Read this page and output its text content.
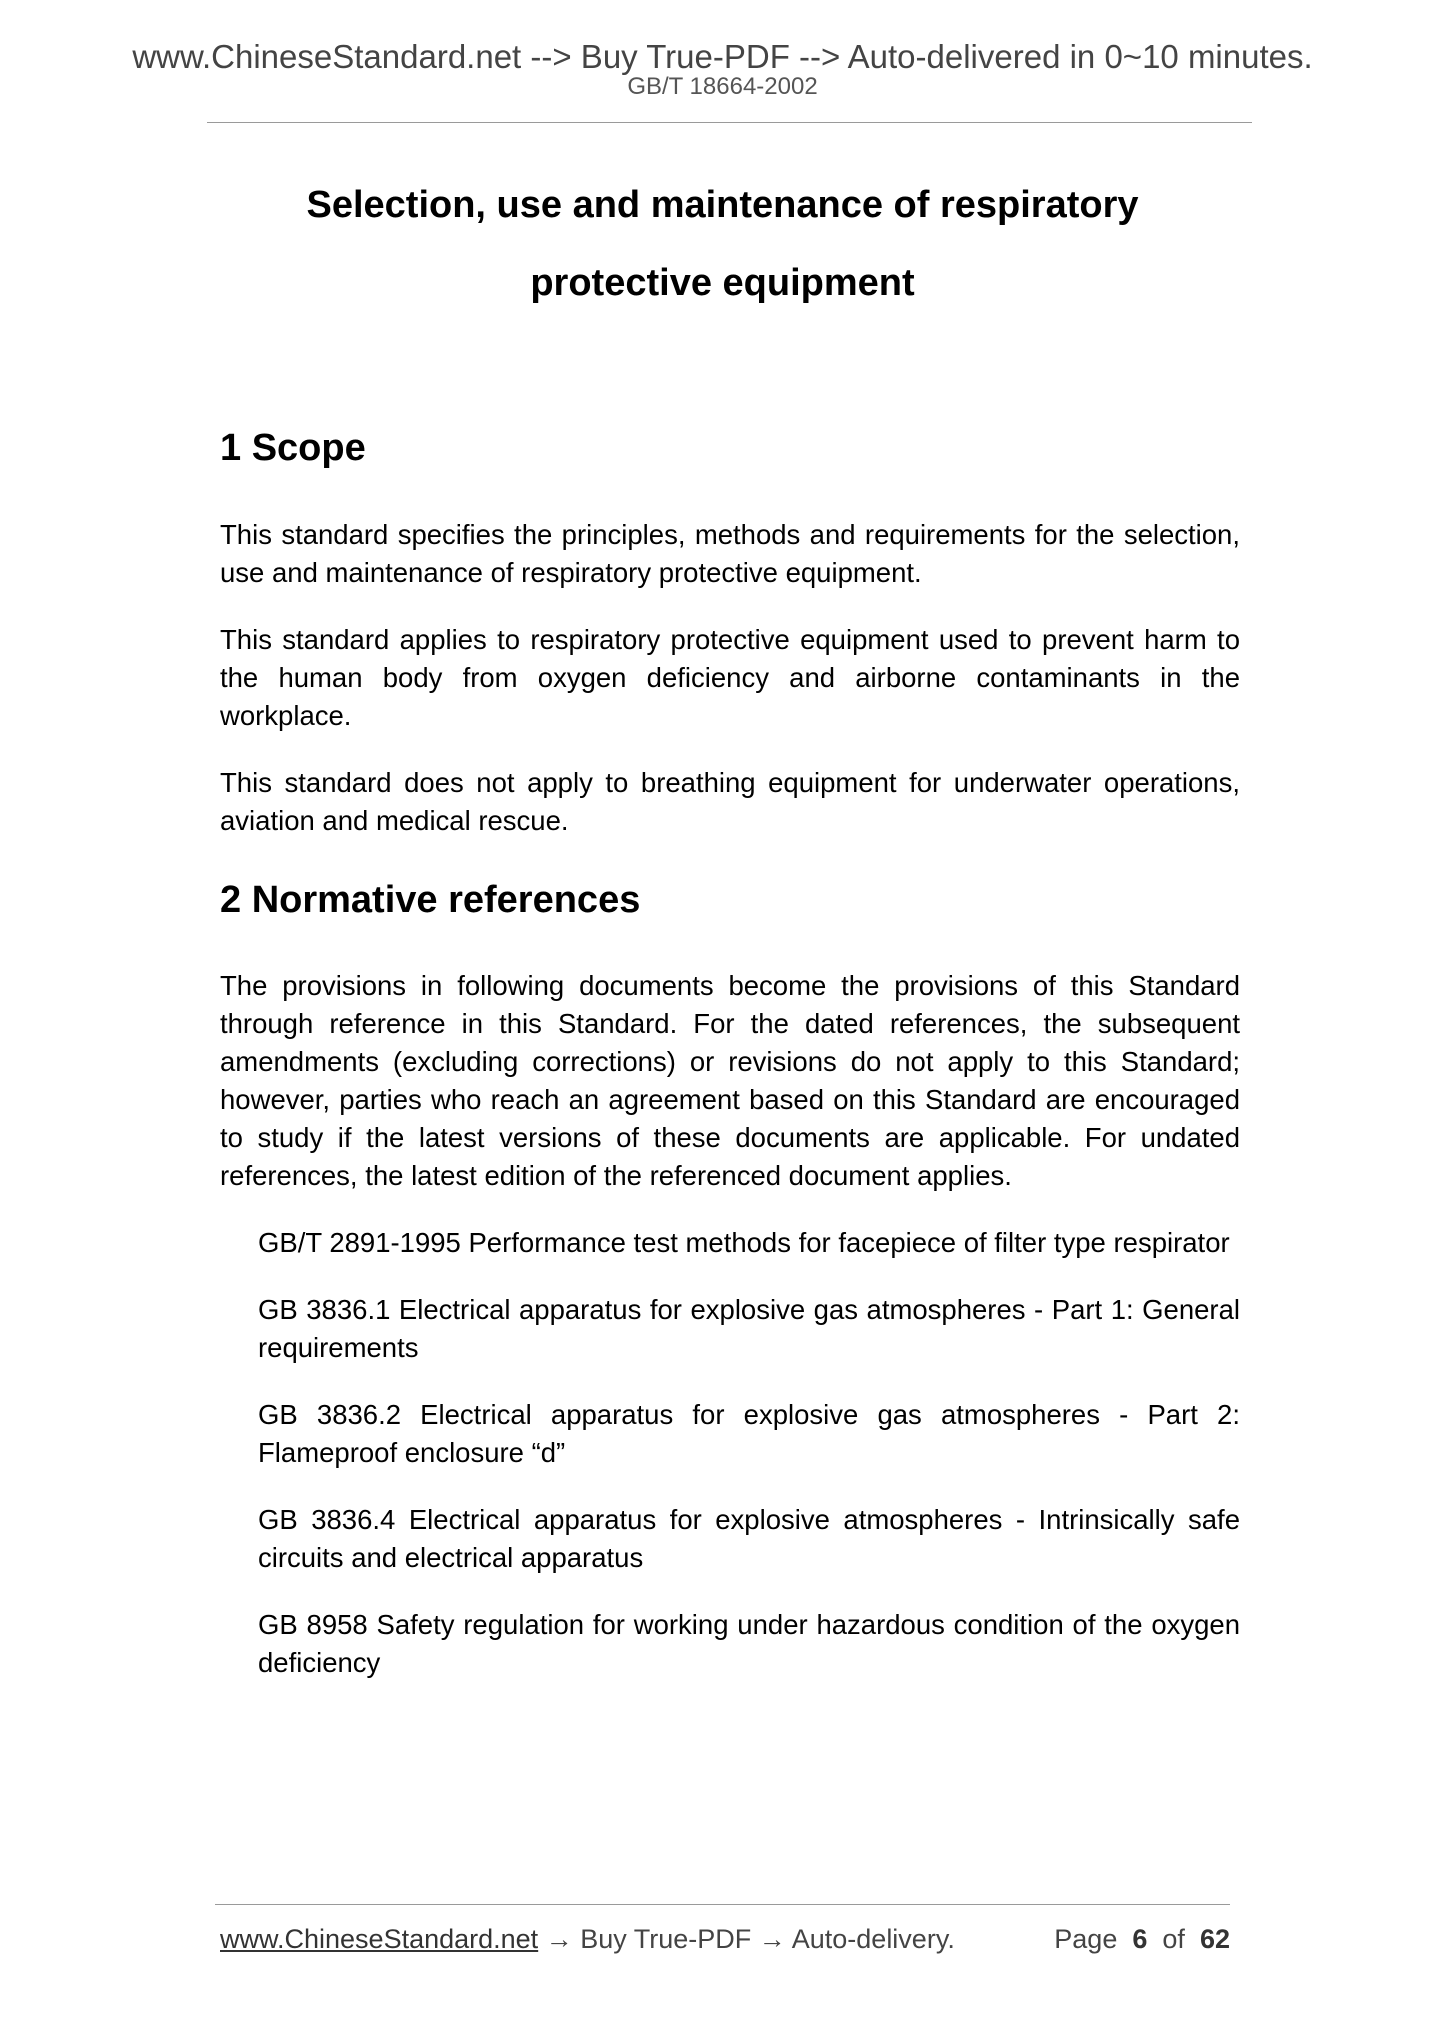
www.ChineseStandard.net --> Buy True-PDF --> Auto-delivered in 0~10 minutes.
GB/T 18664-2002
Selection, use and maintenance of respiratory
protective equipment
1 Scope

This standard specifies the principles, methods and requirements for the selection, use and maintenance of respiratory protective equipment.

This standard applies to respiratory protective equipment used to prevent harm to the human body from oxygen deficiency and airborne contaminants in the workplace.

This standard does not apply to breathing equipment for underwater operations, aviation and medical rescue.

2 Normative references

The provisions in following documents become the provisions of this Standard through reference in this Standard. For the dated references, the subsequent amendments (excluding corrections) or revisions do not apply to this Standard; however, parties who reach an agreement based on this Standard are encouraged to study if the latest versions of these documents are applicable. For undated references, the latest edition of the referenced document applies.

GB/T 2891-1995 Performance test methods for facepiece of filter type respirator
GB 3836.1 Electrical apparatus for explosive gas atmospheres - Part 1: General requirements
GB 3836.2 Electrical apparatus for explosive gas atmospheres - Part 2: Flameproof enclosure “d”
GB 3836.4 Electrical apparatus for explosive atmospheres - Intrinsically safe circuits and electrical apparatus
GB 8958 Safety regulation for working under hazardous condition of the oxygen deficiency
www.ChineseStandard.net → Buy True-PDF → Auto-delivery.	Page 6 of 62
